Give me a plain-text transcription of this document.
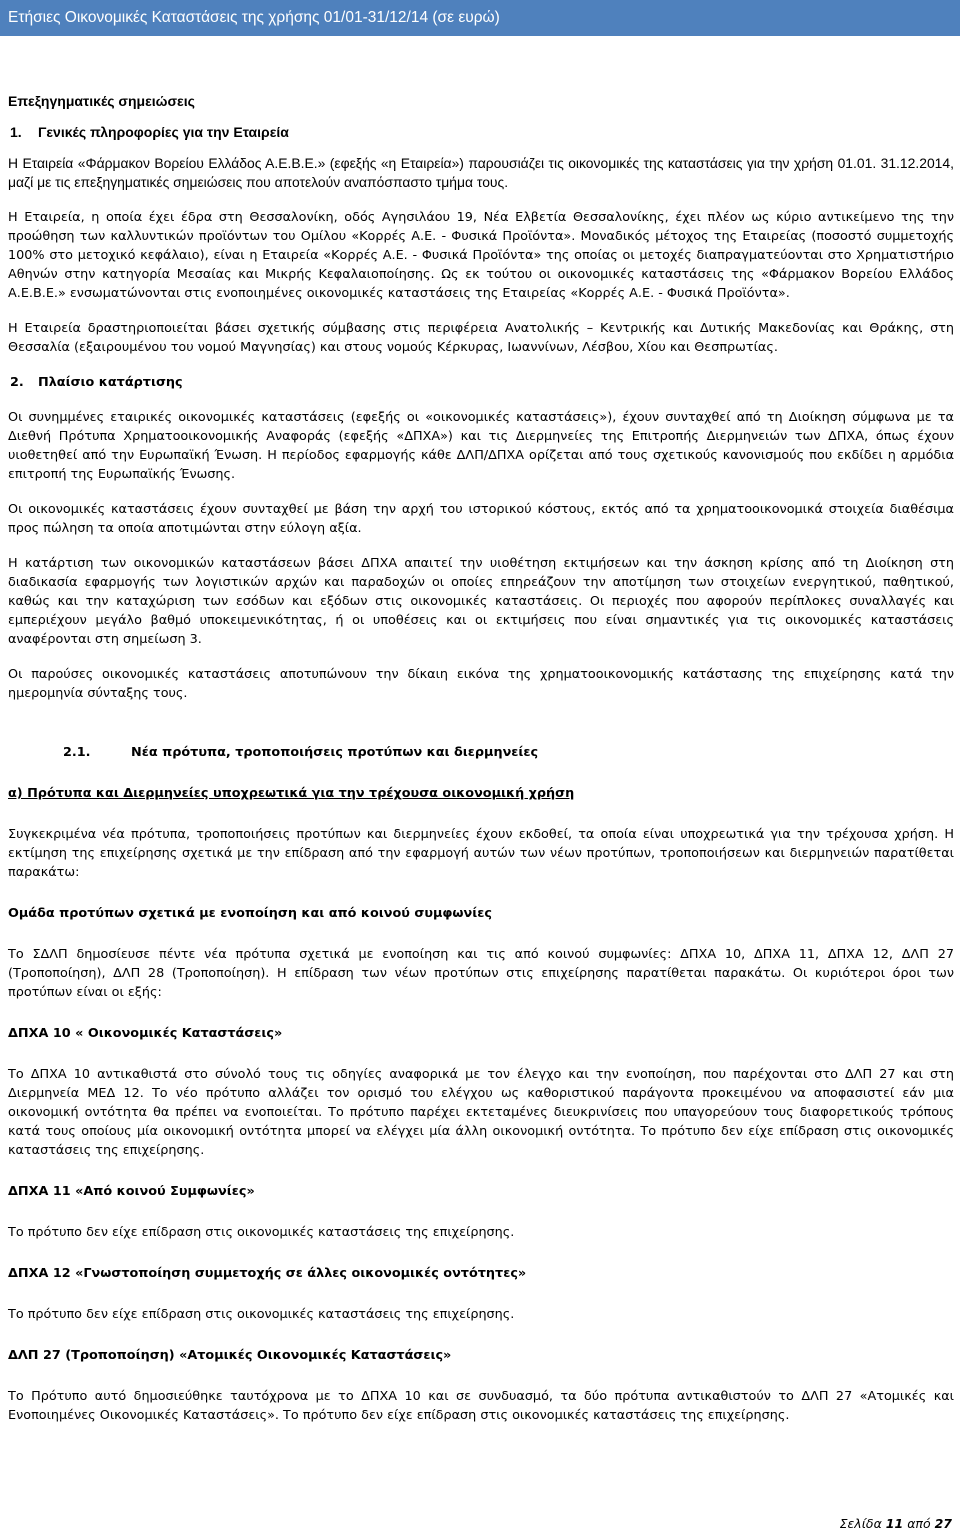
Ετήσιες Οικονομικές Καταστάσεις της χρήσης 01/01-31/12/14 (σε ευρώ)
Επεξηγηματικές σημειώσεις
1. Γενικές πληροφορίες για την Εταιρεία

Η Εταιρεία «Φάρμακον Βορείου Ελλάδος Α.Ε.Β.Ε.» (εφεξής «η Εταιρεία») παρουσιάζει τις οικονομικές της καταστάσεις για την χρήση 01.01. 31.12.2014, μαζί με τις επεξηγηματικές σημειώσεις που αποτελούν αναπόσπαστο τμήμα τους.

Η Εταιρεία, η οποία έχει έδρα στη Θεσσαλονίκη, οδός Αγησιλάου 19, Νέα Ελβετία Θεσσαλονίκης, έχει πλέον ως κύριο αντικείμενο της την προώθηση των καλλυντικών προϊόντων του Ομίλου «Κορρές Α.Ε. - Φυσικά Προϊόντα». Μοναδικός μέτοχος της Εταιρείας (ποσοστό συμμετοχής 100% στο μετοχικό κεφάλαιο), είναι η Εταιρεία «Κορρές Α.Ε. - Φυσικά Προϊόντα» της οποίας οι μετοχές διαπραγματεύονται στο Χρηματιστήριο Αθηνών στην κατηγορία Μεσαίας και Μικρής Κεφαλαιοποίησης. Ως εκ τούτου οι οικονομικές καταστάσεις της «Φάρμακον Βορείου Ελλάδος Α.Ε.Β.Ε.» ενσωματώνονται στις ενοποιημένες οικονομικές καταστάσεις της Εταιρείας «Κορρές Α.Ε. - Φυσικά Προϊόντα».

Η Εταιρεία δραστηριοποιείται βάσει σχετικής σύμβασης στις περιφέρεια Ανατολικής – Κεντρικής και Δυτικής Μακεδονίας και Θράκης, στη Θεσσαλία (εξαιρουμένου του νομού Μαγνησίας) και στους νομούς Κέρκυρας, Ιωαννίνων, Λέσβου, Χίου και Θεσπρωτίας.

2. Πλαίσιο κατάρτισης

Οι συνημμένες εταιρικές οικονομικές καταστάσεις (εφεξής οι «οικονομικές καταστάσεις»), έχουν συνταχθεί από τη Διοίκηση σύμφωνα με τα Διεθνή Πρότυπα Χρηματοοικονομικής Αναφοράς (εφεξής «ΔΠΧΑ») και τις Διερμηνείες της Επιτροπής Διερμηνειών των ΔΠΧΑ, όπως έχουν υιοθετηθεί από την Ευρωπαϊκή Ένωση. Η περίοδος εφαρμογής κάθε ΔΛΠ/ΔΠΧΑ ορίζεται από τους σχετικούς κανονισμούς που εκδίδει η αρμόδια επιτροπή της Ευρωπαϊκής Ένωσης.

Οι οικονομικές καταστάσεις έχουν συνταχθεί με βάση την αρχή του ιστορικού κόστους, εκτός από τα χρηματοοικονομικά στοιχεία διαθέσιμα προς πώληση τα οποία αποτιμώνται στην εύλογη αξία.

Η κατάρτιση των οικονομικών καταστάσεων βάσει ΔΠΧΑ απαιτεί την υιοθέτηση εκτιμήσεων και την άσκηση κρίσης από τη Διοίκηση στη διαδικασία εφαρμογής των λογιστικών αρχών και παραδοχών οι οποίες επηρεάζουν την αποτίμηση των στοιχείων ενεργητικού, παθητικού, καθώς και την καταχώριση των εσόδων και εξόδων στις οικονομικές καταστάσεις. Οι περιοχές που αφορούν περίπλοκες συναλλαγές και εμπεριέχουν μεγάλο βαθμό υποκειμενικότητας, ή οι υποθέσεις και οι εκτιμήσεις που είναι σημαντικές για τις οικονομικές καταστάσεις αναφέρονται στη σημείωση 3.

Οι παρούσες οικονομικές καταστάσεις αποτυπώνουν την δίκαιη εικόνα της χρηματοοικονομικής κατάστασης της επιχείρησης κατά την ημερομηνία σύνταξης τους.

2.1.	Νέα πρότυπα, τροποποιήσεις προτύπων και διερμηνείες
α) Πρότυπα και Διερμηνείες υποχρεωτικά για την τρέχουσα οικονομική χρήση

Συγκεκριμένα νέα πρότυπα, τροποποιήσεις προτύπων και διερμηνείες έχουν εκδοθεί, τα οποία είναι υποχρεωτικά για την τρέχουσα χρήση. Η εκτίμηση της επιχείρησης σχετικά με την επίδραση από την εφαρμογή αυτών των νέων προτύπων, τροποποιήσεων και διερμηνειών παρατίθεται παρακάτω:

Ομάδα προτύπων σχετικά με ενοποίηση και από κοινού συμφωνίες

Το ΣΔΛΠ δημοσίευσε πέντε νέα πρότυπα σχετικά με ενοποίηση και τις από κοινού συμφωνίες: ΔΠΧΑ 10, ΔΠΧΑ 11, ΔΠΧΑ 12, ΔΛΠ 27 (Τροποποίηση), ΔΛΠ 28 (Τροποποίηση). Η επίδραση των νέων προτύπων στις επιχείρησης παρατίθεται παρακάτω. Οι κυριότεροι όροι των προτύπων είναι οι εξής:

ΔΠΧΑ 10 « Οικονομικές Καταστάσεις»

Το ΔΠΧΑ 10 αντικαθιστά στο σύνολό τους τις οδηγίες αναφορικά με τον έλεγχο και την ενοποίηση, που παρέχονται στο ΔΛΠ 27 και στη Διερμηνεία ΜΕΔ 12. Το νέο πρότυπο αλλάζει τον ορισμό του ελέγχου ως καθοριστικού παράγοντα προκειμένου να αποφασιστεί εάν μια οικονομική οντότητα θα πρέπει να ενοποιείται. Το πρότυπο παρέχει εκτεταμένες διευκρινίσεις που υπαγορεύουν τους διαφορετικούς τρόπους κατά τους οποίους μία οικονομική οντότητα μπορεί να ελέγχει μία άλλη οικονομική οντότητα. Το πρότυπο δεν είχε επίδραση στις οικονομικές καταστάσεις της επιχείρησης.

ΔΠΧΑ 11 «Από κοινού Συμφωνίες»

Το πρότυπο δεν είχε επίδραση στις οικονομικές καταστάσεις της επιχείρησης.

ΔΠΧΑ 12 «Γνωστοποίηση συμμετοχής σε άλλες οικονομικές οντότητες»

Το πρότυπο δεν είχε επίδραση στις οικονομικές καταστάσεις της επιχείρησης.

ΔΛΠ 27 (Τροποποίηση) «Ατομικές Οικονομικές Καταστάσεις»

Το Πρότυπο αυτό δημοσιεύθηκε ταυτόχρονα με το ΔΠΧΑ 10 και σε συνδυασμό, τα δύο πρότυπα αντικαθιστούν το ΔΛΠ 27 «Ατομικές και Ενοποιημένες Οικονομικές Καταστάσεις». Το πρότυπο δεν είχε επίδραση στις οικονομικές καταστάσεις της επιχείρησης.

Σελίδα 11 από 27
